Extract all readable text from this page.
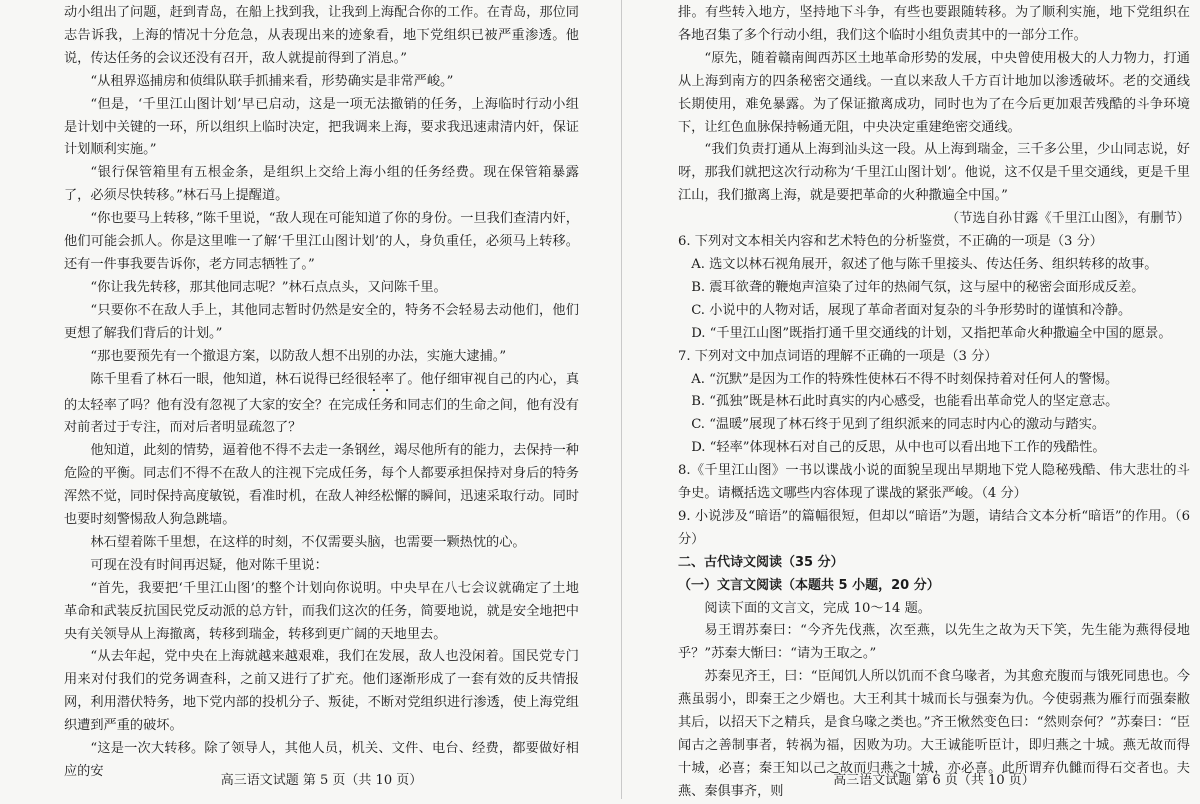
动小组出了问题，赶到青岛，在船上找到我，让我到上海配合你的工作。在青岛，那位同志告诉我，上海的情况十分危急，从表现出来的迹象看，地下党组织已被严重渗透。他说，传达任务的会议还没有召开，敌人就提前得到了消息。”

“从租界巡捕房和侦缉队联手抓捕来看，形势确实是非常严峻。”

“但是，‘千里江山图计划’早已启动，这是一项无法撤销的任务，上海临时行动小组是计划中关键的一环，所以组织上临时决定，把我调来上海，要求我迅速肃清内奸，保证计划顺利实施。”

“银行保管箱里有五根金条，是组织上交给上海小组的任务经费。现在保管箱暴露了，必须尽快转移。”林石马上提醒道。

“你也要马上转移，”陈千里说，“敌人现在可能知道了你的身份。一旦我们查清内奸，他们可能会抓人。你是这里唯一了解‘千里江山图计划’的人，身负重任，必须马上转移。还有一件事我要告诉你，老方同志牺牲了。”

“你让我先转移，那其他同志呢？”林石点点头，又问陈千里。

“只要你不在敌人手上，其他同志暂时仍然是安全的，特务不会轻易去动他们，他们更想了解我们背后的计划。”

“那也要预先有一个撤退方案，以防敌人想不出别的办法，实施大逮捕。”

陈千里看了林石一眼，他知道，林石说得已经很轻率了。他仔细审视自己的内心，真的太轻率了吗？他有没有忽视了大家的安全？在完成任务和同志们的生命之间，他有没有对前者过于专注，而对后者明显疏忽了？

他知道，此刻的情势，逼着他不得不去走一条钢丝，竭尽他所有的能力，去保持一种危险的平衡。同志们不得不在敌人的注视下完成任务，每个人都要承担保持对身后的特务浑然不觉，同时保持高度敏锐，看准时机，在敌人神经松懈的瞬间，迅速采取行动。同时也要时刻警惕敌人狗急跳墙。

林石望着陈千里想，在这样的时刻，不仅需要头脑，也需要一颗热忱的心。

可现在没有时间再迟疑，他对陈千里说：

“首先，我要把‘千里江山图’的整个计划向你说明。中央早在八七会议就确定了土地革命和武装反抗国民党反动派的总方针，而我们这次的任务，简要地说，就是安全地把中央有关领导从上海撤离，转移到瑞金，转移到更广阔的天地里去。

“从去年起，党中央在上海就越来越艰难，我们在发展，敌人也没闲着。国民党专门用来对付我们的党务调查科，之前又进行了扩充。他们逐渐形成了一套有效的反共情报网，利用潜伏特务，地下党内部的投机分子、叛徒，不断对党组织进行渗透，使上海党组织遭到严重的破坏。

“这是一次大转移。除了领导人，其他人员，机关、文件、电台、经费，都要做好相应的安

高三语文试题 第 5 页（共 10 页）

排。有些转入地方，坚持地下斗争，有些也要跟随转移。为了顺利实施，地下党组织在各地召集了多个行动小组，我们这个临时小组负责其中的一部分工作。

“原先，随着赣南闽西苏区土地革命形势的发展，中央曾使用极大的人力物力，打通从上海到南方的四条秘密交通线。一直以来敌人千方百计地加以渗透破坏。老的交通线长期使用，难免暴露。为了保证撤离成功，同时也为了在今后更加艰苦残酷的斗争环境下，让红色血脉保持畅通无阻，中央决定重建绝密交通线。

“我们负责打通从上海到汕头这一段。从上海到瑞金，三千多公里，少山同志说，好呀，那我们就把这次行动称为‘千里江山图计划’。他说，这不仅是千里交通线，更是千里江山，我们撤离上海，就是要把革命的火种撒遍全中国。”

（节选自孙甘露《千里江山图》，有删节）

6. 下列对文本相关内容和艺术特色的分析鉴赏，不正确的一项是（3 分）

A. 选文以林石视角展开，叙述了他与陈千里接头、传达任务、组织转移的故事。

B. 震耳欲聋的鞭炮声渲染了过年的热闹气氛，这与屋中的秘密会面形成反差。

C. 小说中的人物对话，展现了革命者面对复杂的斗争形势时的谨慎和冷静。

D. “千里江山图”既指打通千里交通线的计划，又指把革命火种撒遍全中国的愿景。

7. 下列对文中加点词语的理解不正确的一项是（3 分）

A. “沉默”是因为工作的特殊性使林石不得不时刻保持着对任何人的警惕。

B. “孤独”既是林石此时真实的内心感受，也能看出革命党人的坚定意志。

C. “温暖”展现了林石终于见到了组织派来的同志时内心的激动与踏实。

D. “轻率”体现林石对自己的反思，从中也可以看出地下工作的残酷性。

8.《千里江山图》一书以谍战小说的面貌呈现出早期地下党人隐秘残酷、伟大悲壮的斗争史。请概括选文哪些内容体现了谍战的紧张严峻。（4 分）

9. 小说涉及“暗语”的篇幅很短，但却以“暗语”为题，请结合文本分析“暗语”的作用。（6 分）

二、古代诗文阅读（35 分）

（一）文言文阅读（本题共 5 小题，20 分）

阅读下面的文言文，完成 10～14 题。

易王谓苏秦曰：“今齐先伐燕，次至燕，以先生之故为天下笑，先生能为燕得侵地乎？”苏秦大惭曰：“请为王取之。”

苏秦见齐王，曰：“臣闻饥人所以饥而不食乌喙者，为其愈充腹而与饿死同患也。今燕虽弱小，即秦王之少婿也。大王利其十城而长与强秦为仇。今使弱燕为雁行而强秦敝其后，以招天下之精兵，是食乌喙之类也。”齐王愀然变色曰：“然则奈何？”苏秦曰：“臣闻古之善制事者，转祸为福，因败为功。大王诚能听臣计，即归燕之十城。燕无故而得十城，必喜；秦王知以己之故而归燕之十城，亦必喜。此所谓弃仇雠而得石交者也。夫燕、秦俱事齐，则

高三语文试题 第 6 页（共 10 页）
